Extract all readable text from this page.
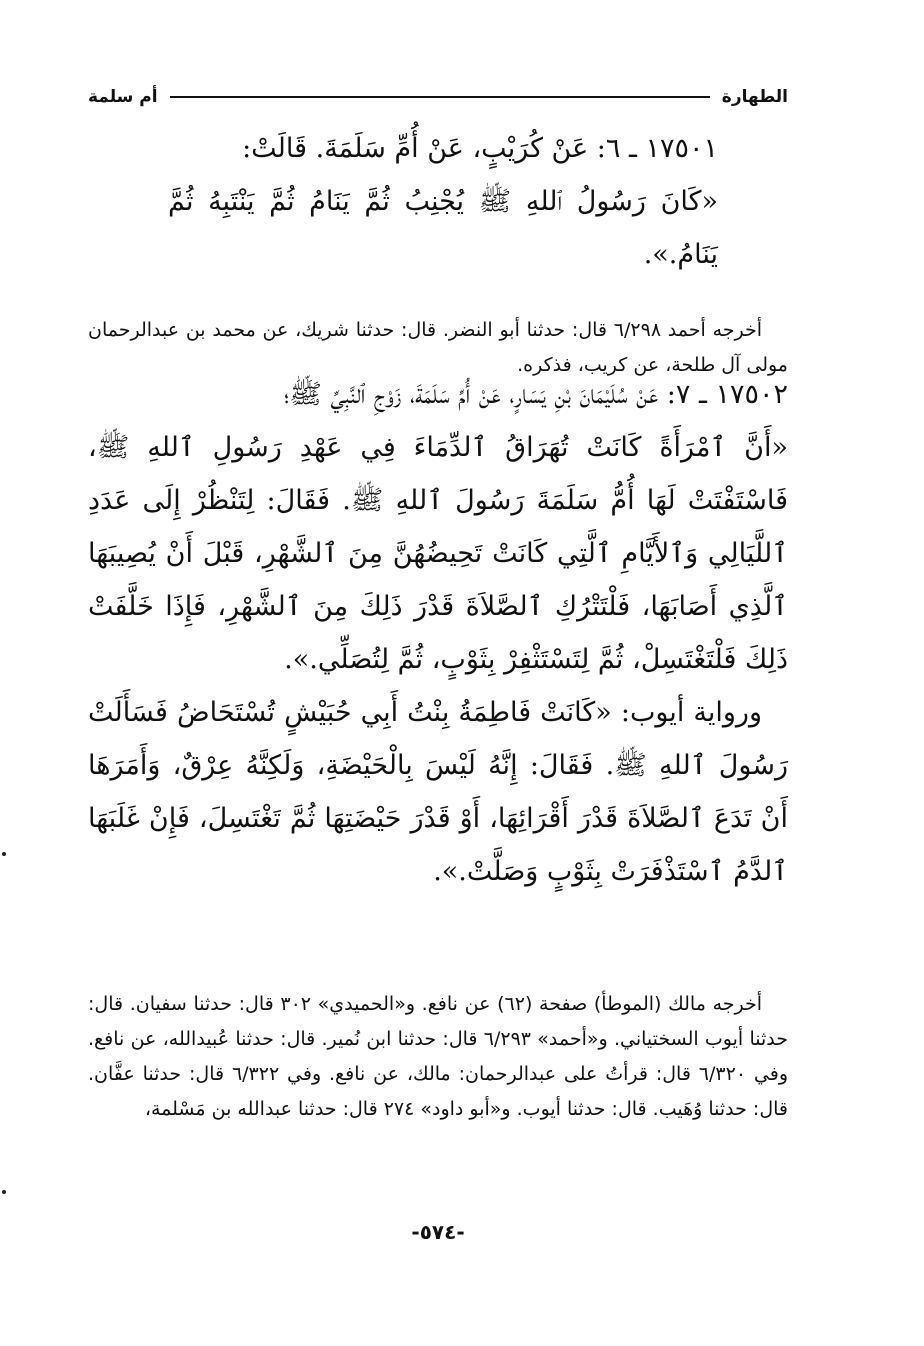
الطهارة
أم سلمة

١٧٥٠١ ـ ٦: عَنْ كُرَيْبٍ، عَنْ أُمِّ سَلَمَةَ. قَالَتْ:

«كَانَ رَسُولُ ٱللهِ ﷺ يُجْنِبُ ثُمَّ يَنَامُ ثُمَّ يَنْتَبِهُ ثُمَّ يَنَامُ.».

أخرجه أحمد ٦/٢٩٨ قال: حدثنا أبو النضر. قال: حدثنا شريك، عن محمد بن عبدالرحمان مولى آل طلحة، عن كريب، فذكره.

١٧٥٠٢ ـ ٧: عَنْ سُلَيْمَانَ بْنِ يَسَارٍ، عَنْ أُمِّ سَلَمَةَ، زَوْجِ ٱلنَّبِيِّ ﷺ؛

«أَنَّ ٱمْرَأَةً كَانَتْ تُهَرَاقُ ٱلدِّمَاءَ فِي عَهْدِ رَسُولِ ٱللهِ ﷺ، فَاسْتَفْتَتْ لَهَا أُمُّ سَلَمَةَ رَسُولَ ٱللهِ ﷺ. فَقَالَ: لِتَنْظُرْ إِلَى عَدَدِ ٱللَّيَالِي وَٱلأَيَّامِ ٱلَّتِي كَانَتْ تَحِيضُهُنَّ مِنَ ٱلشَّهْرِ، قَبْلَ أَنْ يُصِيبَهَا ٱلَّذِي أَصَابَهَا، فَلْتَتْرُكِ ٱلصَّلاَةَ قَدْرَ ذَلِكَ مِنَ ٱلشَّهْرِ، فَإِذَا خَلَّفَتْ ذَلِكَ فَلْتَغْتَسِلْ، ثُمَّ لِتَسْتَثْفِرْ بِثَوْبٍ، ثُمَّ لِتُصَلِّي.».

ورواية أيوب: «كَانَتْ فَاطِمَةُ بِنْتُ أَبِي حُبَيْشٍ تُسْتَحَاضُ فَسَأَلَتْ رَسُولَ ٱللهِ ﷺ. فَقَالَ: إِنَّهُ لَيْسَ بِالْحَيْضَةِ، وَلَكِنَّهُ عِرْقٌ، وَأَمَرَهَا أَنْ تَدَعَ ٱلصَّلاَةَ قَدْرَ أَقْرَائِهَا، أَوْ قَدْرَ حَيْضَتِهَا ثُمَّ تَغْتَسِلَ، فَإِنْ غَلَبَهَا ٱلدَّمُ ٱسْتَذْفَرَتْ بِثَوْبٍ وَصَلَّتْ.».

أخرجه مالك (الموطأ) صفحة (٦٢) عن نافع. و«الحميدي» ٣٠٢ قال: حدثنا سفيان. قال: حدثنا أيوب السختياني. و«أحمد» ٦/٢٩٣ قال: حدثنا ابن نُمير. قال: حدثنا عُبيدالله، عن نافع. وفي ٦/٣٢٠ قال: قرأتُ على عبدالرحمان: مالك، عن نافع. وفي ٦/٣٢٢ قال: حدثنا عفَّان. قال: حدثنا وُهَيب. قال: حدثنا أيوب. و«أبو داود» ٢٧٤ قال: حدثنا عبدالله بن مَسْلمة،

-٥٧٤-
